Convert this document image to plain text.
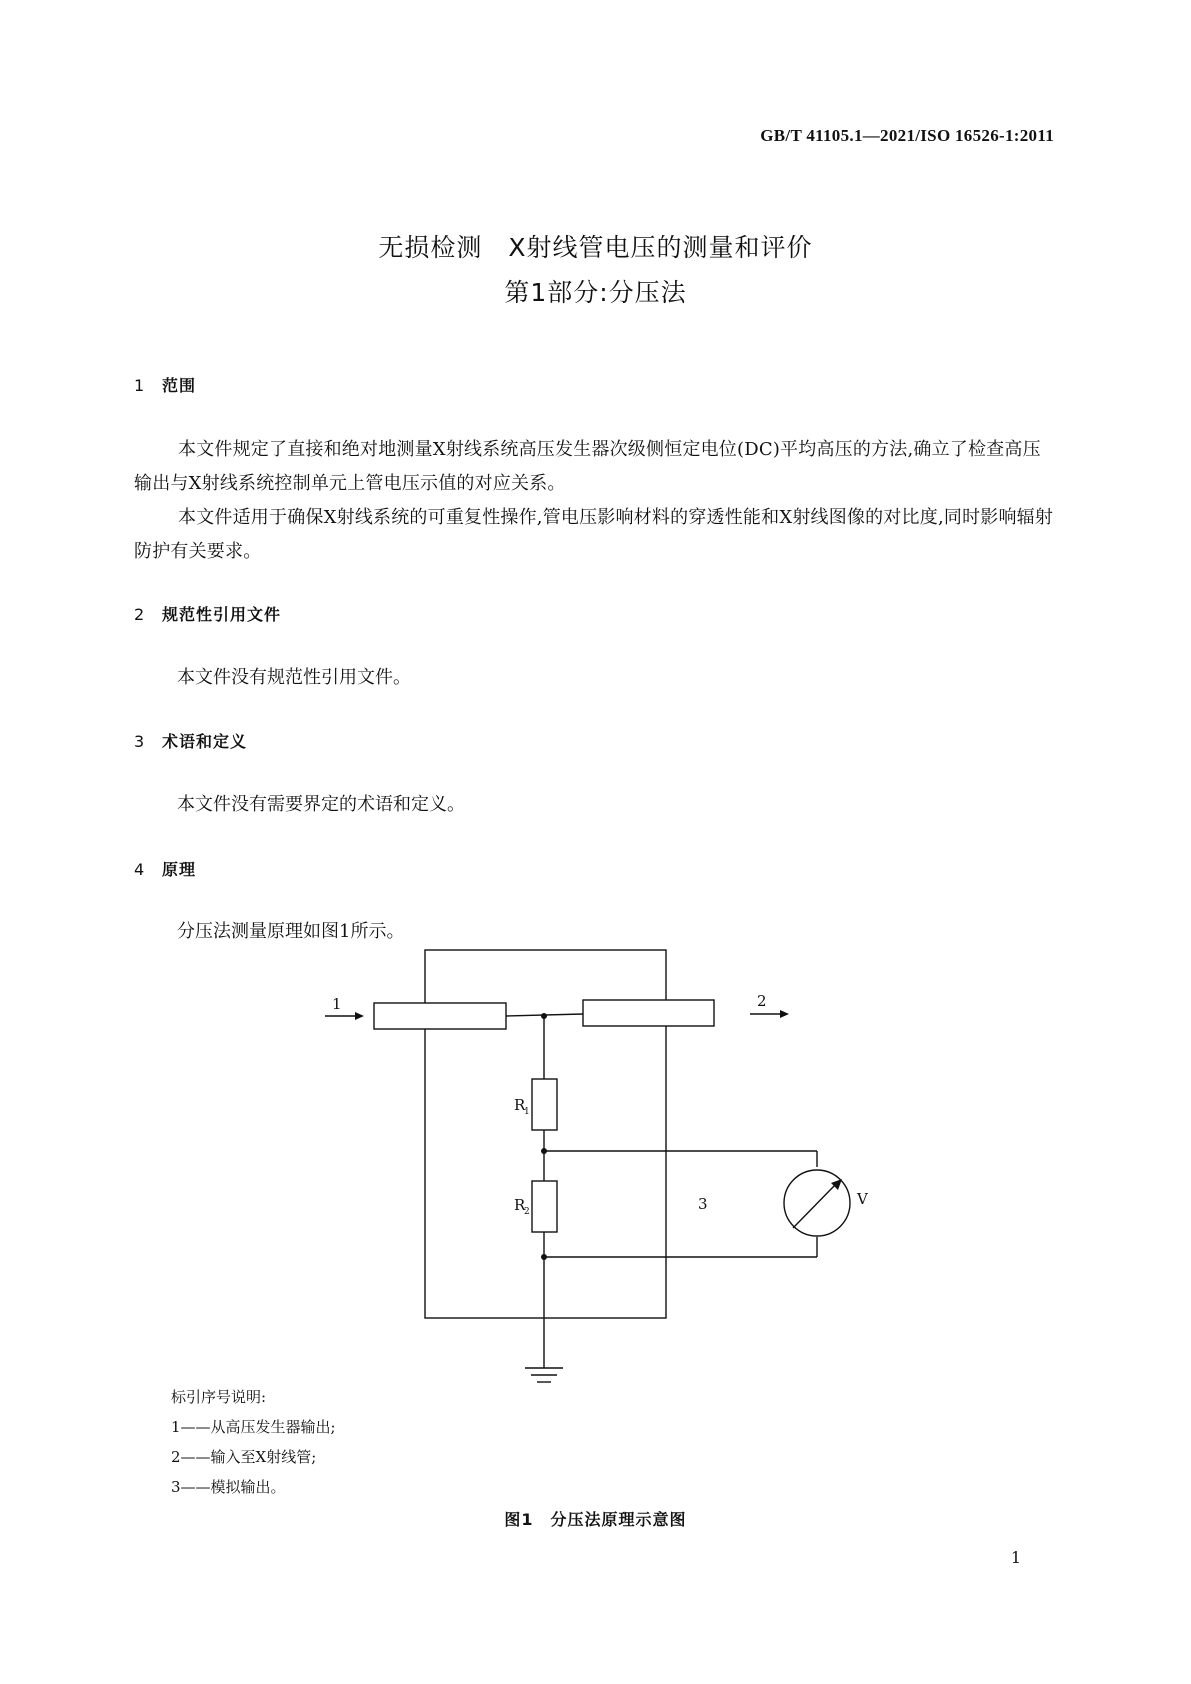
GB/T 41105.1—2021/ISO 16526-1:2011
无损检测　X射线管电压的测量和评价
第1部分:分压法
1 范围
本文件规定了直接和绝对地测量X射线系统高压发生器次级侧恒定电位(DC)平均高压的方法,确立了检查高压输出与X射线系统控制单元上管电压示值的对应关系。
本文件适用于确保X射线系统的可重复性操作,管电压影响材料的穿透性能和X射线图像的对比度,同时影响辐射防护有关要求。
2 规范性引用文件
本文件没有规范性引用文件。
3 术语和定义
本文件没有需要界定的术语和定义。
4 原理
分压法测量原理如图1所示。
1	2
R
1
R
2	3	V
标引序号说明:
1——从高压发生器输出;
2——输入至X射线管;
3——模拟输出。
图1　分压法原理示意图
1
